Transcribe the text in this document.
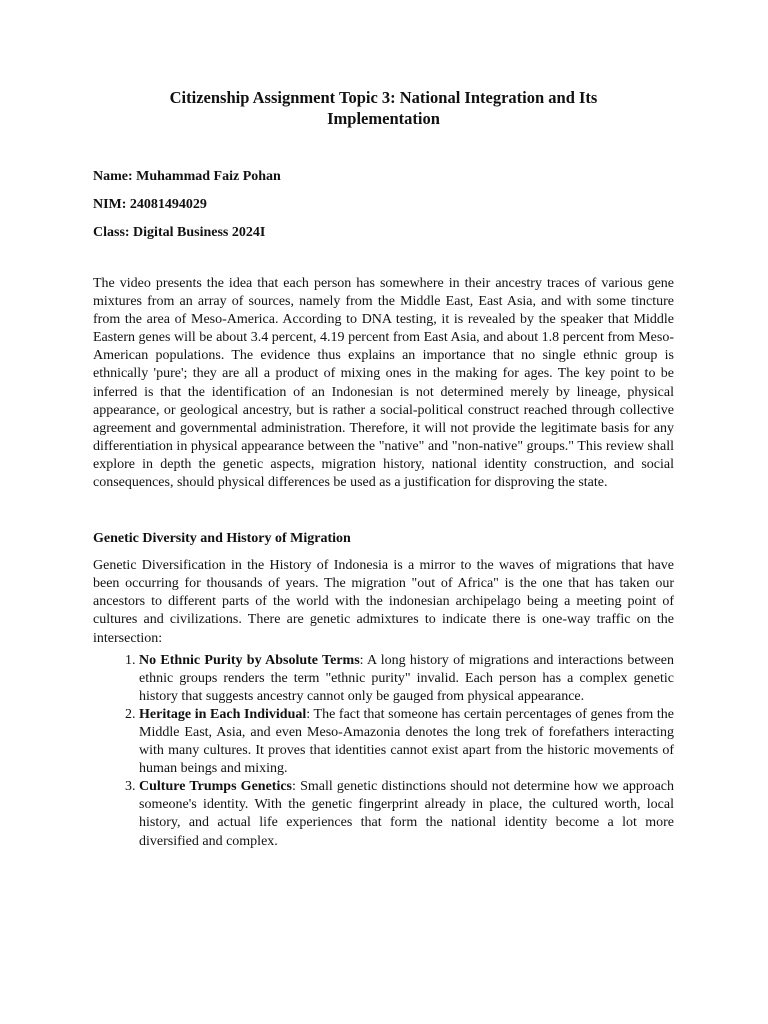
Citizenship Assignment Topic 3: National Integration and Its
Implementation

Name: Muhammad Faiz Pohan

NIM: 24081494029

Class: Digital Business 2024I

The video presents the idea that each person has somewhere in their ancestry traces of various gene mixtures from an array of sources, namely from the Middle East, East Asia, and with some tincture from the area of Meso-America. According to DNA testing, it is revealed by the speaker that Middle Eastern genes will be about 3.4 percent, 4.19 percent from East Asia, and about 1.8 percent from Meso-American populations. The evidence thus explains an importance that no single ethnic group is ethnically 'pure'; they are all a product of mixing ones in the making for ages. The key point to be inferred is that the identification of an Indonesian is not determined merely by lineage, physical appearance, or geological ancestry, but is rather a social-political construct reached through collective agreement and governmental administration. Therefore, it will not provide the legitimate basis for any differentiation in physical appearance between the "native" and "non-native" groups." This review shall explore in depth the genetic aspects, migration history, national identity construction, and social consequences, should physical differences be used as a justification for disproving the state.

Genetic Diversity and History of Migration

Genetic Diversification in the History of Indonesia is a mirror to the waves of migrations that have been occurring for thousands of years. The migration "out of Africa" is the one that has taken our ancestors to different parts of the world with the indonesian archipelago being a meeting point of cultures and civilizations. There are genetic admixtures to indicate there is one-way traffic on the intersection:

1. No Ethnic Purity by Absolute Terms: A long history of migrations and interactions between ethnic groups renders the term "ethnic purity" invalid. Each person has a complex genetic history that suggests ancestry cannot only be gauged from physical appearance.
2. Heritage in Each Individual: The fact that someone has certain percentages of genes from the Middle East, Asia, and even Meso-Amazonia denotes the long trek of forefathers interacting with many cultures. It proves that identities cannot exist apart from the historic movements of human beings and mixing.
3. Culture Trumps Genetics: Small genetic distinctions should not determine how we approach someone's identity. With the genetic fingerprint already in place, the cultured worth, local history, and actual life experiences that form the national identity become a lot more diversified and complex.
